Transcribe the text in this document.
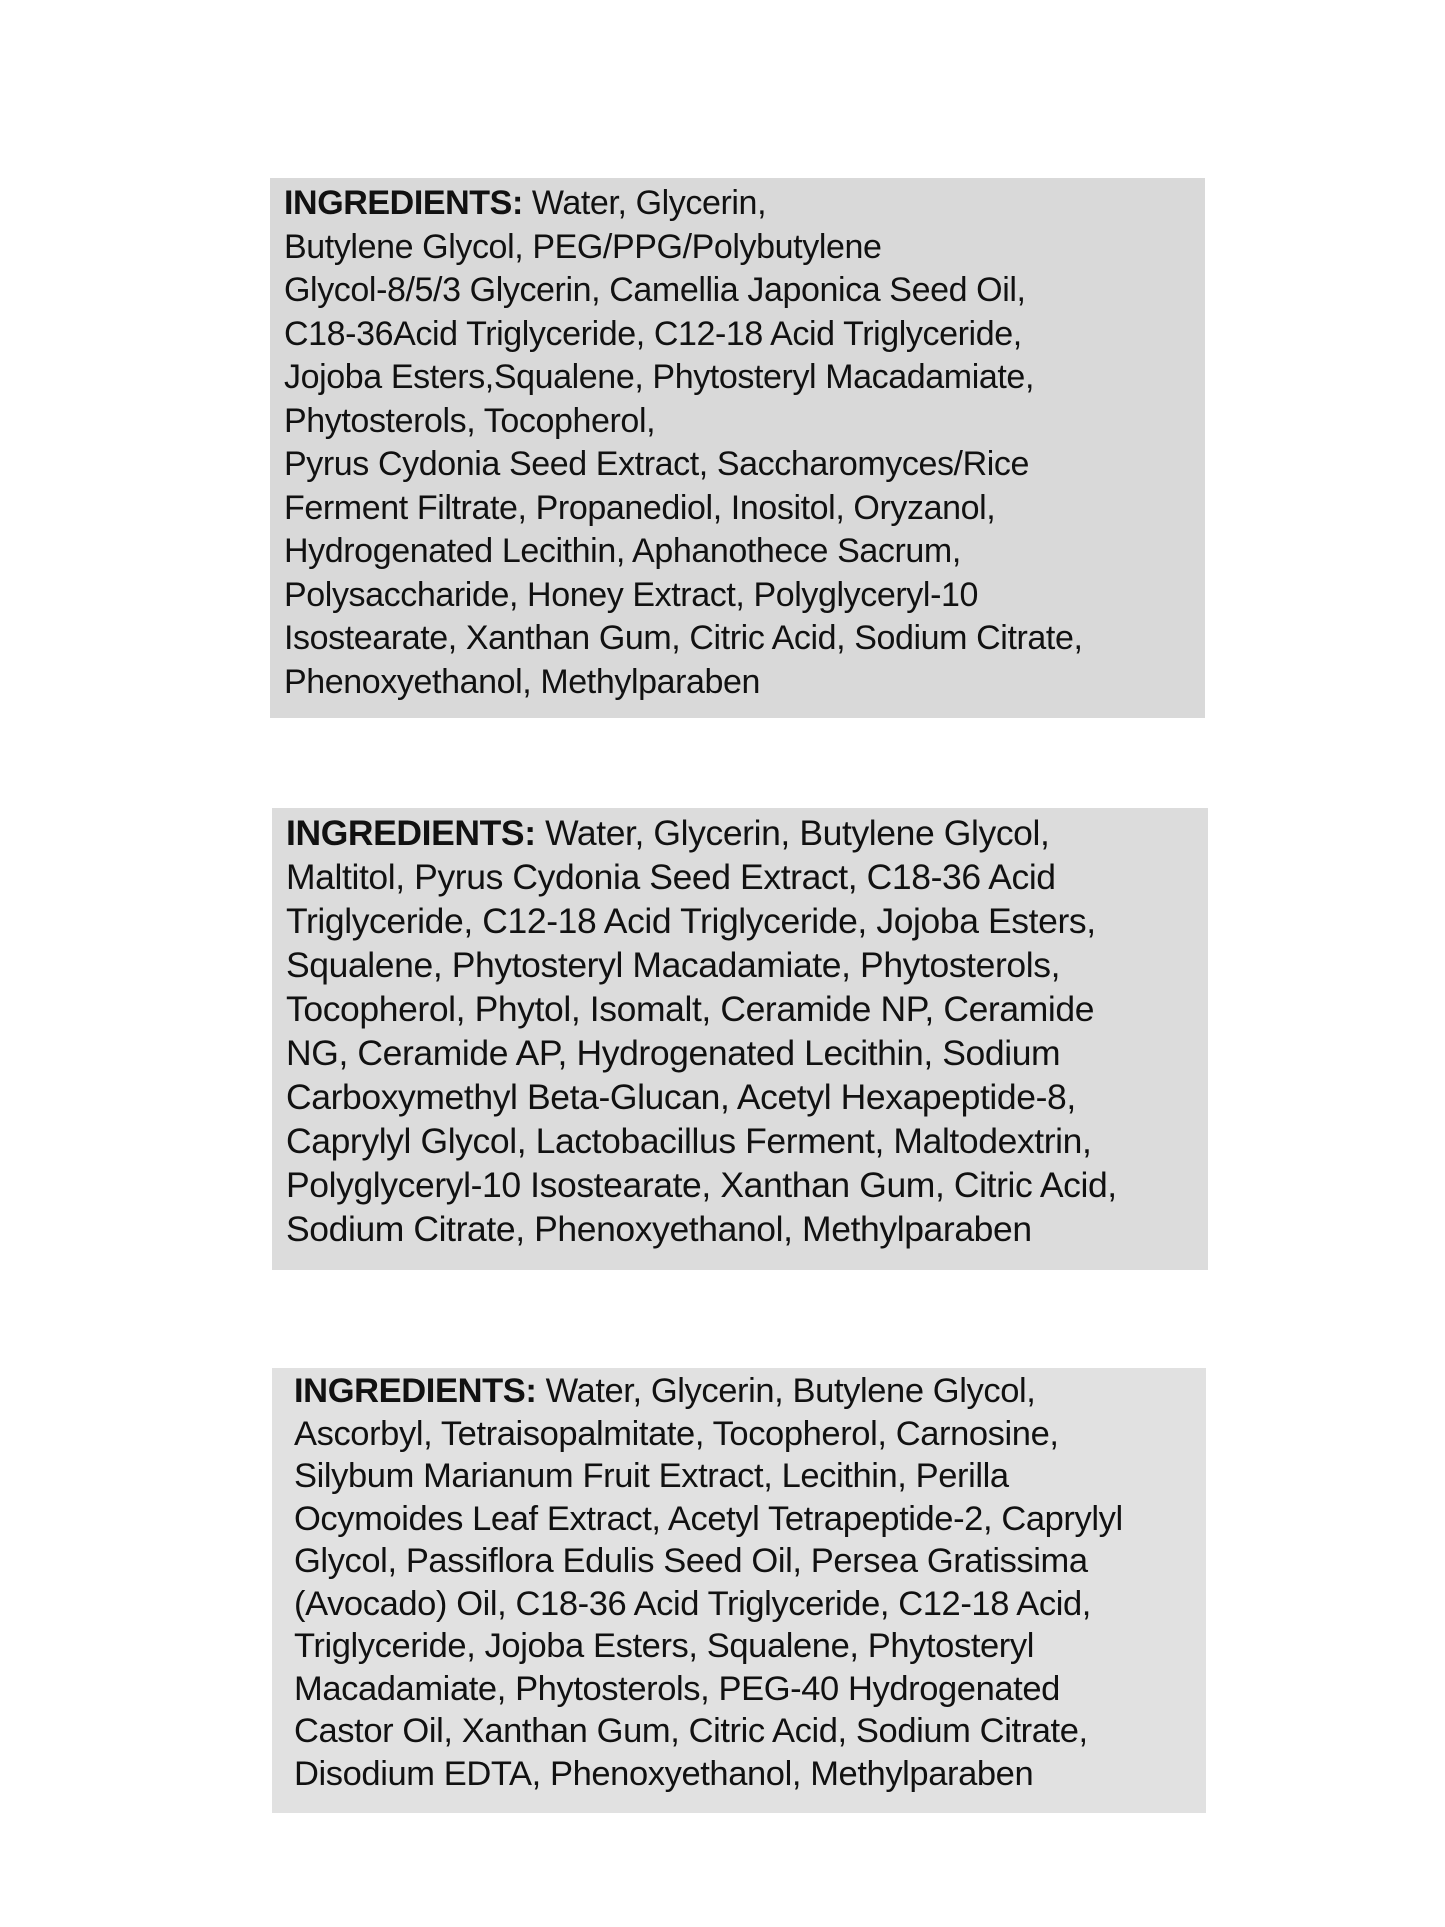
INGREDIENTS: Water, Glycerin,
Butylene Glycol, PEG/PPG/Polybutylene
Glycol-8/5/3 Glycerin, Camellia Japonica Seed Oil,
C18-36Acid Triglyceride, C12-18 Acid Triglyceride,
Jojoba Esters,Squalene, Phytosteryl Macadamiate,
Phytosterols, Tocopherol,
Pyrus Cydonia Seed Extract, Saccharomyces/Rice
Ferment Filtrate, Propanediol, Inositol, Oryzanol,
Hydrogenated Lecithin, Aphanothece Sacrum,
Polysaccharide, Honey Extract, Polyglyceryl-10
Isostearate, Xanthan Gum, Citric Acid, Sodium Citrate,
Phenoxyethanol, Methylparaben
INGREDIENTS: Water, Glycerin, Butylene Glycol,
Maltitol, Pyrus Cydonia Seed Extract, C18-36 Acid
Triglyceride, C12-18 Acid Triglyceride, Jojoba Esters,
Squalene, Phytosteryl Macadamiate, Phytosterols,
Tocopherol, Phytol, Isomalt, Ceramide NP, Ceramide
NG, Ceramide AP, Hydrogenated Lecithin, Sodium
Carboxymethyl Beta-Glucan, Acetyl Hexapeptide-8,
Caprylyl Glycol, Lactobacillus Ferment, Maltodextrin,
Polyglyceryl-10 Isostearate, Xanthan Gum, Citric Acid,
Sodium Citrate, Phenoxyethanol, Methylparaben
INGREDIENTS: Water, Glycerin, Butylene Glycol,
Ascorbyl, Tetraisopalmitate, Tocopherol, Carnosine,
Silybum Marianum Fruit Extract, Lecithin, Perilla
Ocymoides Leaf Extract, Acetyl Tetrapeptide-2, Caprylyl
Glycol, Passiflora Edulis Seed Oil, Persea Gratissima
(Avocado) Oil, C18-36 Acid Triglyceride, C12-18 Acid,
Triglyceride, Jojoba Esters, Squalene, Phytosteryl
Macadamiate, Phytosterols, PEG-40 Hydrogenated
Castor Oil, Xanthan Gum, Citric Acid, Sodium Citrate,
Disodium EDTA, Phenoxyethanol, Methylparaben
